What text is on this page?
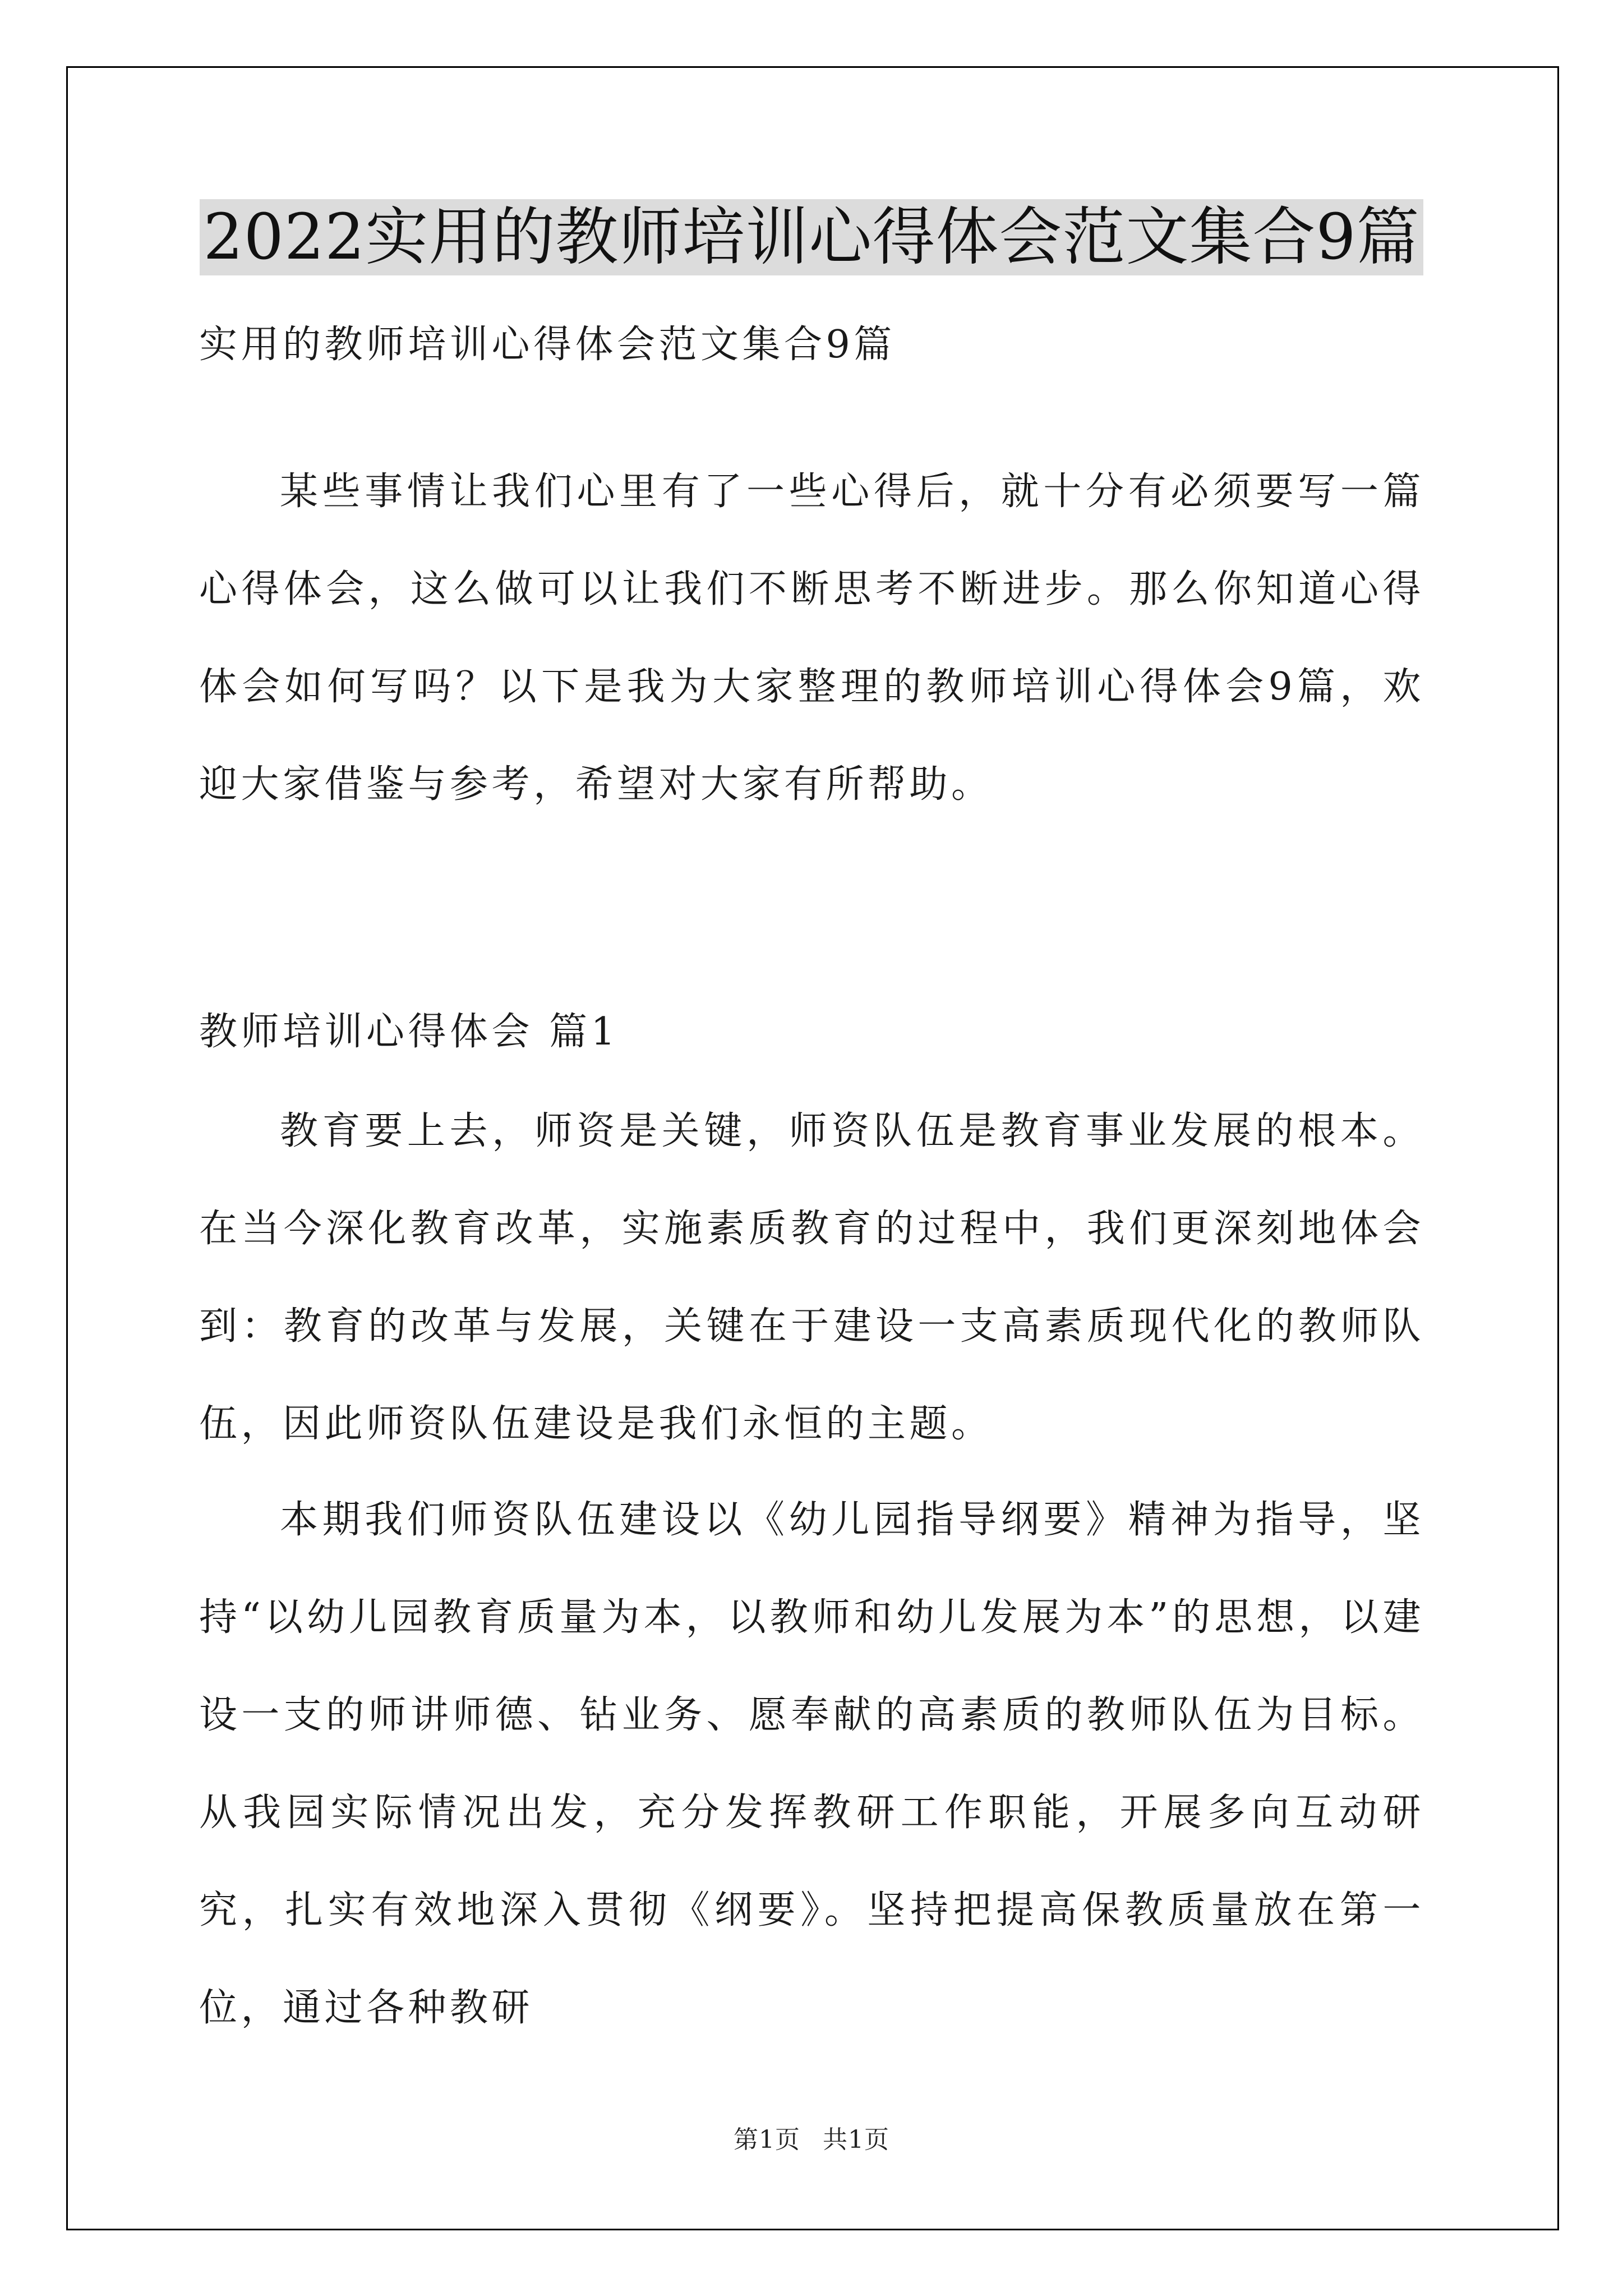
2022实用的教师培训心得体会范文集合9篇
实用的教师培训心得体会范文集合9篇

某些事情让我们心里有了一些心得后，就十分有必须要写一篇心得体会，这么做可以让我们不断思考不断进步。那么你知道心得体会如何写吗？以下是我为大家整理的教师培训心得体会9篇，欢迎大家借鉴与参考，希望对大家有所帮助。

教师培训心得体会 篇1

教育要上去，师资是关键，师资队伍是教育事业发展的根本。在当今深化教育改革，实施素质教育的过程中，我们更深刻地体会到：教育的改革与发展，关键在于建设一支高素质现代化的教师队伍，因此师资队伍建设是我们永恒的主题。

本期我们师资队伍建设以《幼儿园指导纲要》精神为指导，坚持“以幼儿园教育质量为本，以教师和幼儿发展为本”的思想，以建设一支的师讲师德、钻业务、愿奉献的高素质的教师队伍为目标。从我园实际情况出发，充分发挥教研工作职能，开展多向互动研究，扎实有效地深入贯彻《纲要》。坚持把提高保教质量放在第一位，通过各种教研

第1页 共1页
